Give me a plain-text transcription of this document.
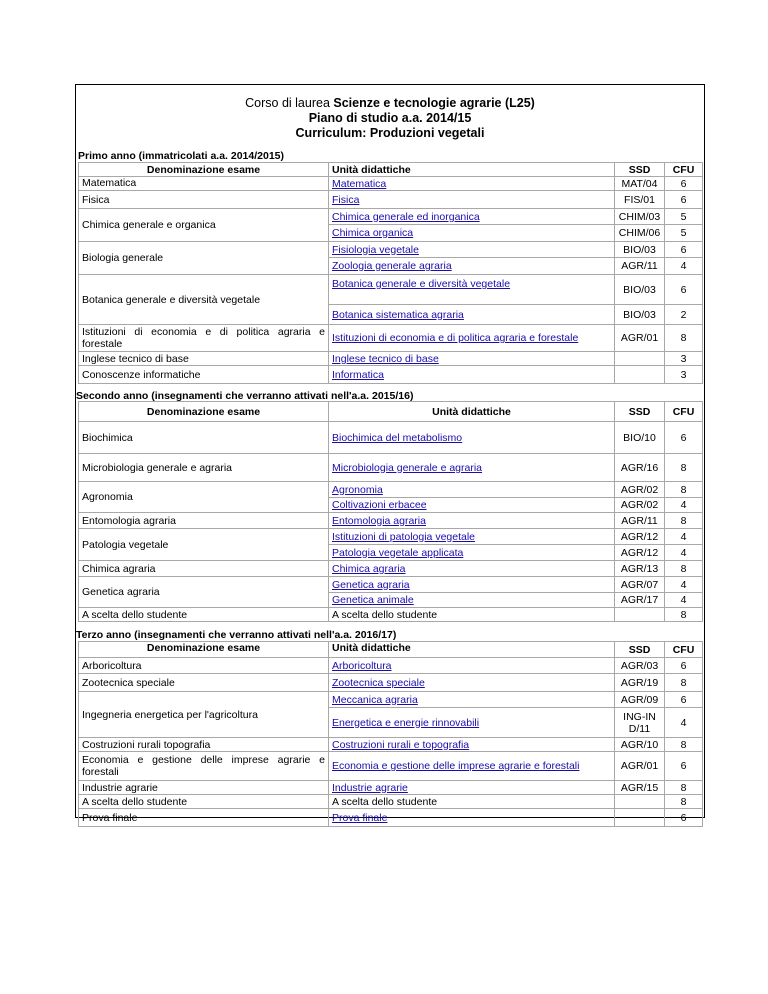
Corso di laurea Scienze e tecnologie agrarie (L25)
Piano di studio a.a. 2014/15
Curriculum: Produzioni vegetali
Primo anno (immatricolati a.a. 2014/2015)
Denominazione esame	Unità didattiche	SSD	CFU
Matematica	Matematica	MAT/04	6
Fisica	Fisica	FIS/01	6
Chimica generale e organica	Chimica generale ed inorganica	CHIM/03	5
	Chimica organica	CHIM/06	5
Biologia generale	Fisiologia vegetale	BIO/03	6
	Zoologia generale agraria	AGR/11	4
Botanica generale e diversità vegetale	Botanica generale e diversità vegetale	BIO/03	6
	Botanica sistematica agraria	BIO/03	2
Istituzioni di economia e di politica agraria e forestale	Istituzioni di economia e di politica agraria e forestale	AGR/01	8
Inglese tecnico di base	Inglese tecnico di base		3
Conoscenze informatiche	Informatica		3
Secondo anno (insegnamenti che verranno attivati nell'a.a. 2015/16)
Denominazione esame	Unità didattiche	SSD	CFU
Biochimica	Biochimica del metabolismo	BIO/10	6
Microbiologia generale e agraria	Microbiologia generale e agraria	AGR/16	8
Agronomia	Agronomia	AGR/02	8
	Coltivazioni erbacee	AGR/02	4
Entomologia agraria	Entomologia agraria	AGR/11	8
Patologia vegetale	Istituzioni di patologia vegetale	AGR/12	4
	Patologia vegetale applicata	AGR/12	4
Chimica agraria	Chimica agraria	AGR/13	8
Genetica agraria	Genetica agraria	AGR/07	4
	Genetica animale	AGR/17	4
A scelta dello studente	A scelta dello studente		8
Terzo anno (insegnamenti che verranno attivati nell'a.a. 2016/17)
Denominazione esame	Unità didattiche	SSD	CFU
Arboricoltura	Arboricoltura	AGR/03	6
Zootecnica speciale	Zootecnica speciale	AGR/19	8
Ingegneria energetica per l'agricoltura	Meccanica agraria	AGR/09	6
	Energetica e energie rinnovabili	ING-IND/11	4
Costruzioni rurali topografia	Costruzioni rurali e topografia	AGR/10	8
Economia e gestione delle imprese agrarie e forestali	Economia e gestione delle imprese agrarie e forestali	AGR/01	6
Industrie agrarie	Industrie agrarie	AGR/15	8
A scelta dello studente	A scelta dello studente		8
Prova finale	Prova finale		6
